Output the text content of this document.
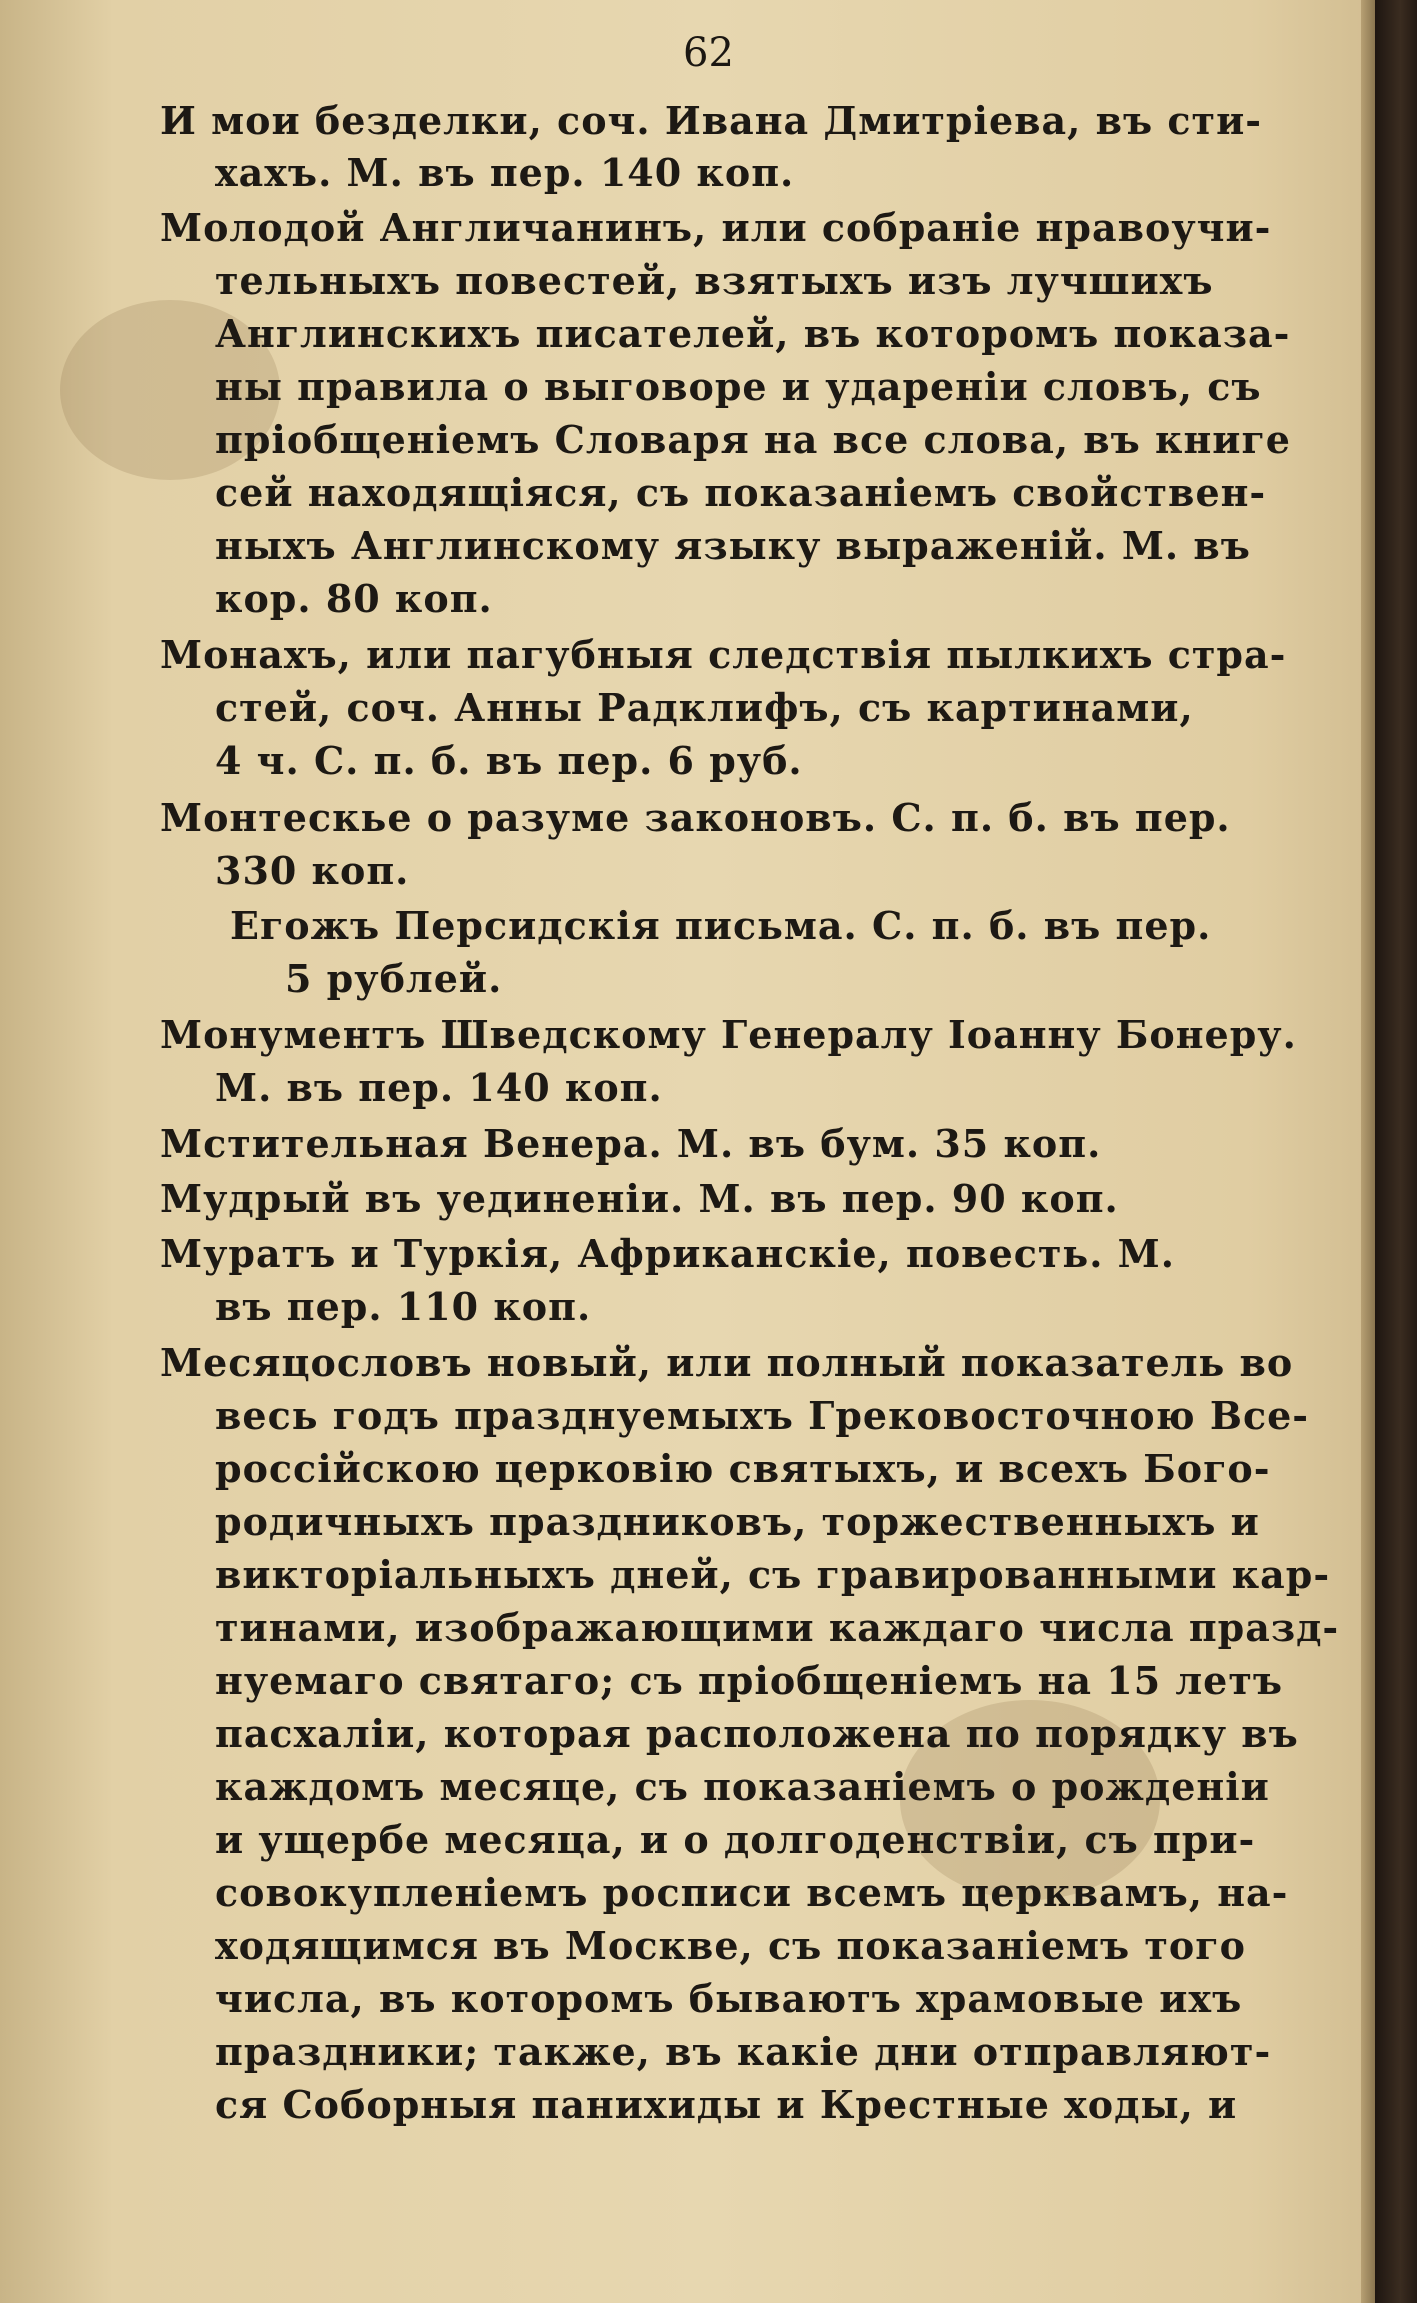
62
И мои безделки, соч. Ивана Дмитріева, въ сти-
хахъ. М. въ пер. 140 коп.
Молодой Англичанинъ, или собраніе нравоучи-
тельныхъ повестей, взятыхъ изъ лучшихъ
Англинскихъ писателей, въ которомъ показа-
ны правила о выговоре и удареніи словъ, съ
пріобщеніемъ Словаря на все слова, въ книге
сей находящіяся, съ показаніемъ свойствен-
ныхъ Англинскому языку выраженій. М. въ
кор. 80 коп.
Монахъ, или пагубныя следствія пылкихъ стра-
стей, соч. Анны Радклифъ, съ картинами,
4 ч. С. п. б. въ пер. 6 руб.
Монтескье о разуме законовъ. С. п. б. въ пер.
330 коп.
Егожъ Персидскія письма. С. п. б. въ пер.
5 рублей.
Монументъ Шведскому Генералу Іоанну Бонеру.
М. въ пер. 140 коп.
Мстительная Венера. М. въ бум. 35 коп.
Мудрый въ уединеніи. М. въ пер. 90 коп.
Муратъ и Туркія, Африканскіе, повесть. М.
въ пер. 110 коп.
Месяцословъ новый, или полный показатель во
весь годъ празднуемыхъ Грековосточною Все-
россійскою церковію святыхъ, и всехъ Бого-
родичныхъ праздниковъ, торжественныхъ и
викторіальныхъ дней, съ гравированными кар-
тинами, изображающими каждаго числа празд-
нуемаго святаго; съ пріобщеніемъ на 15 летъ
пасхаліи, которая расположена по порядку въ
каждомъ месяце, съ показаніемъ о рожденіи
и ущербе месяца, и о долгоденствіи, съ при-
совокупленіемъ росписи всемъ церквамъ, на-
ходящимся въ Москве, съ показаніемъ того
числа, въ которомъ бываютъ храмовые ихъ
праздники; также, въ какіе дни отправляют-
ся Соборныя панихиды и Крестные ходы, и
